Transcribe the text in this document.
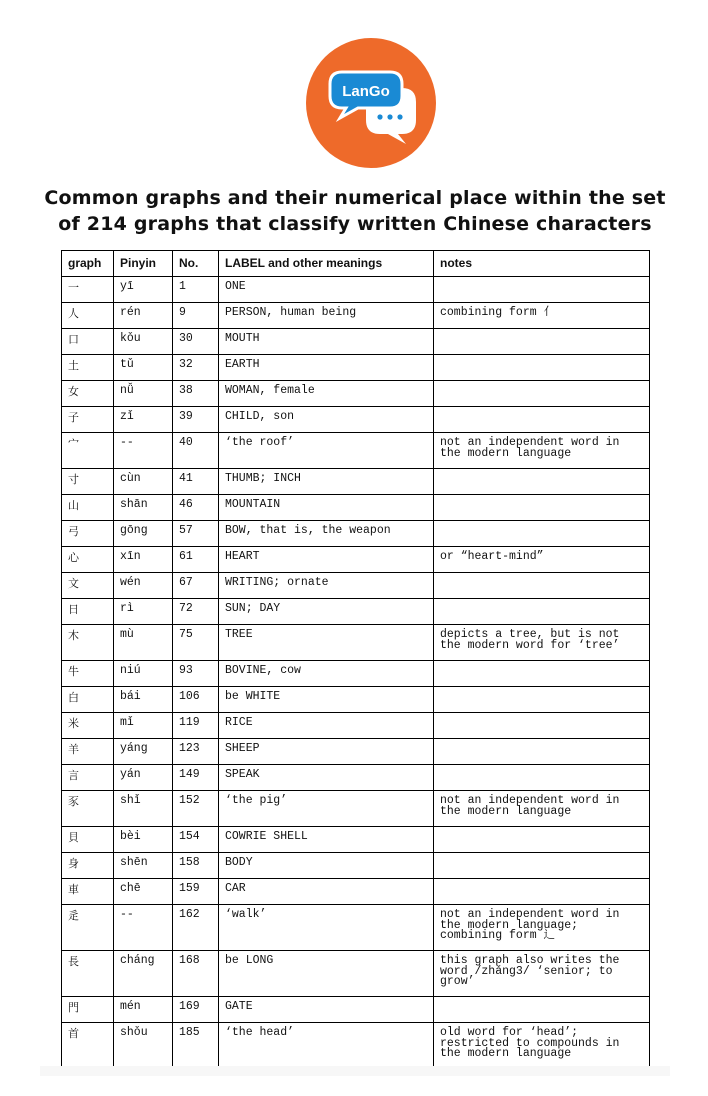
LanGo
Common graphs and their numerical place within the set
of 214 graphs that classify written Chinese characters
graph	Pinyin	No.	LABEL and other meanings	notes
一	yī	1	ONE	
人	rén	9	PERSON, human being	combining form 亻
口	kǒu	30	MOUTH	
土	tǔ	32	EARTH	
女	nǚ	38	WOMAN, female	
子	zǐ	39	CHILD, son	
宀	--	40	‘the roof’	not an independent word in
the modern language
寸	cùn	41	THUMB; INCH	
山	shān	46	MOUNTAIN	
弓	gōng	57	BOW, that is, the weapon	
心	xīn	61	HEART	or “heart-mind”
文	wén	67	WRITING; ornate	
日	rì	72	SUN; DAY	
木	mù	75	TREE	depicts a tree, but is not
the modern word for ‘tree’
牛	niú	93	BOVINE, cow	
白	bái	106	be WHITE	
米	mǐ	119	RICE	
羊	yáng	123	SHEEP	
言	yán	149	SPEAK	
豕	shǐ	152	‘the pig’	not an independent word in
the modern language
貝	bèi	154	COWRIE SHELL	
身	shēn	158	BODY	
車	chē	159	CAR	
辵	--	162	‘walk’	not an independent word in
the modern language;
combining form 辶
長	cháng	168	be LONG	this graph also writes the
word /zhǎng3/ ‘senior; to
grow’
門	mén	169	GATE	
首	shǒu	185	‘the head’	old word for ‘head’;
restricted to compounds in
the modern language
